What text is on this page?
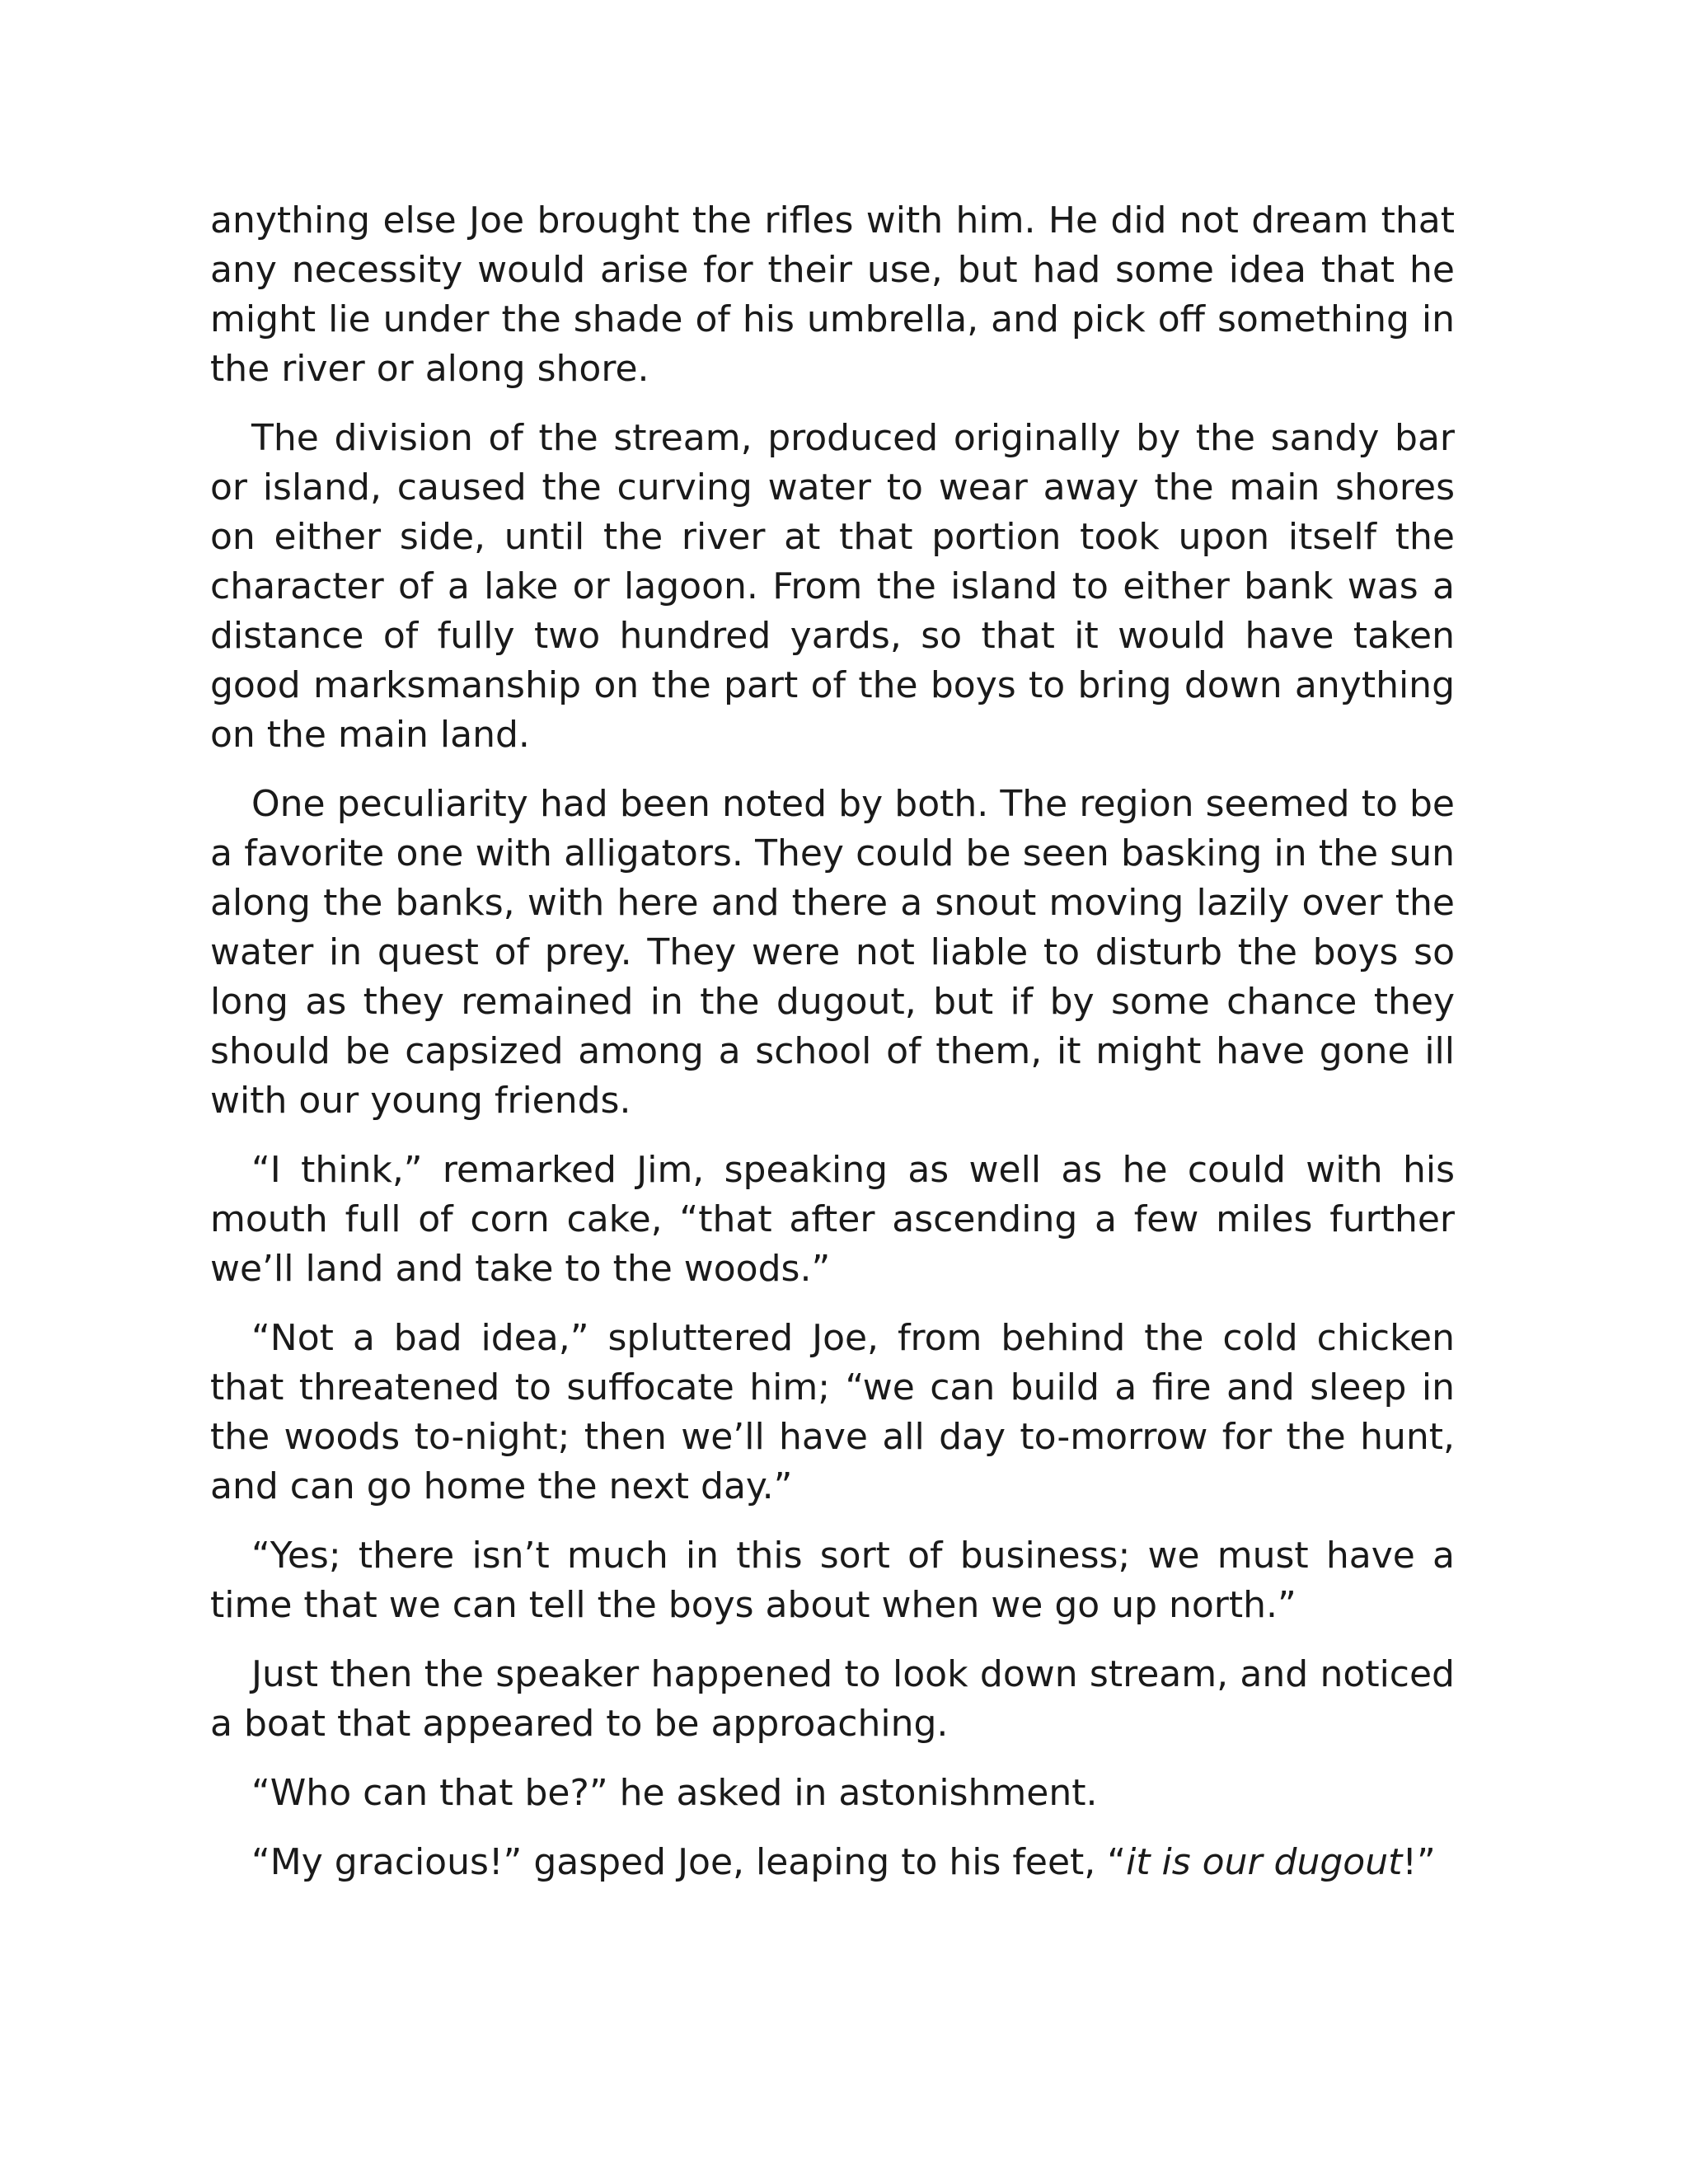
anything else Joe brought the rifles with him. He did not dream that any necessity would arise for their use, but had some idea that he might lie under the shade of his umbrella, and pick off something in the river or along shore.

The division of the stream, produced originally by the sandy bar or island, caused the curving water to wear away the main shores on either side, until the river at that portion took upon itself the character of a lake or lagoon. From the island to either bank was a distance of fully two hundred yards, so that it would have taken good marksmanship on the part of the boys to bring down anything on the main land.

One peculiarity had been noted by both. The region seemed to be a favorite one with alligators. They could be seen basking in the sun along the banks, with here and there a snout moving lazily over the water in quest of prey. They were not liable to disturb the boys so long as they remained in the dugout, but if by some chance they should be capsized among a school of them, it might have gone ill with our young friends.

“I think,” remarked Jim, speaking as well as he could with his mouth full of corn cake, “that after ascending a few miles further we’ll land and take to the woods.”

“Not a bad idea,” spluttered Joe, from behind the cold chicken that threatened to suffocate him; “we can build a fire and sleep in the woods to-night; then we’ll have all day to-morrow for the hunt, and can go home the next day.”

“Yes; there isn’t much in this sort of business; we must have a time that we can tell the boys about when we go up north.”

Just then the speaker happened to look down stream, and noticed a boat that appeared to be approaching.

“Who can that be?” he asked in astonishment.

“My gracious!” gasped Joe, leaping to his feet, “it is our dugout!”
